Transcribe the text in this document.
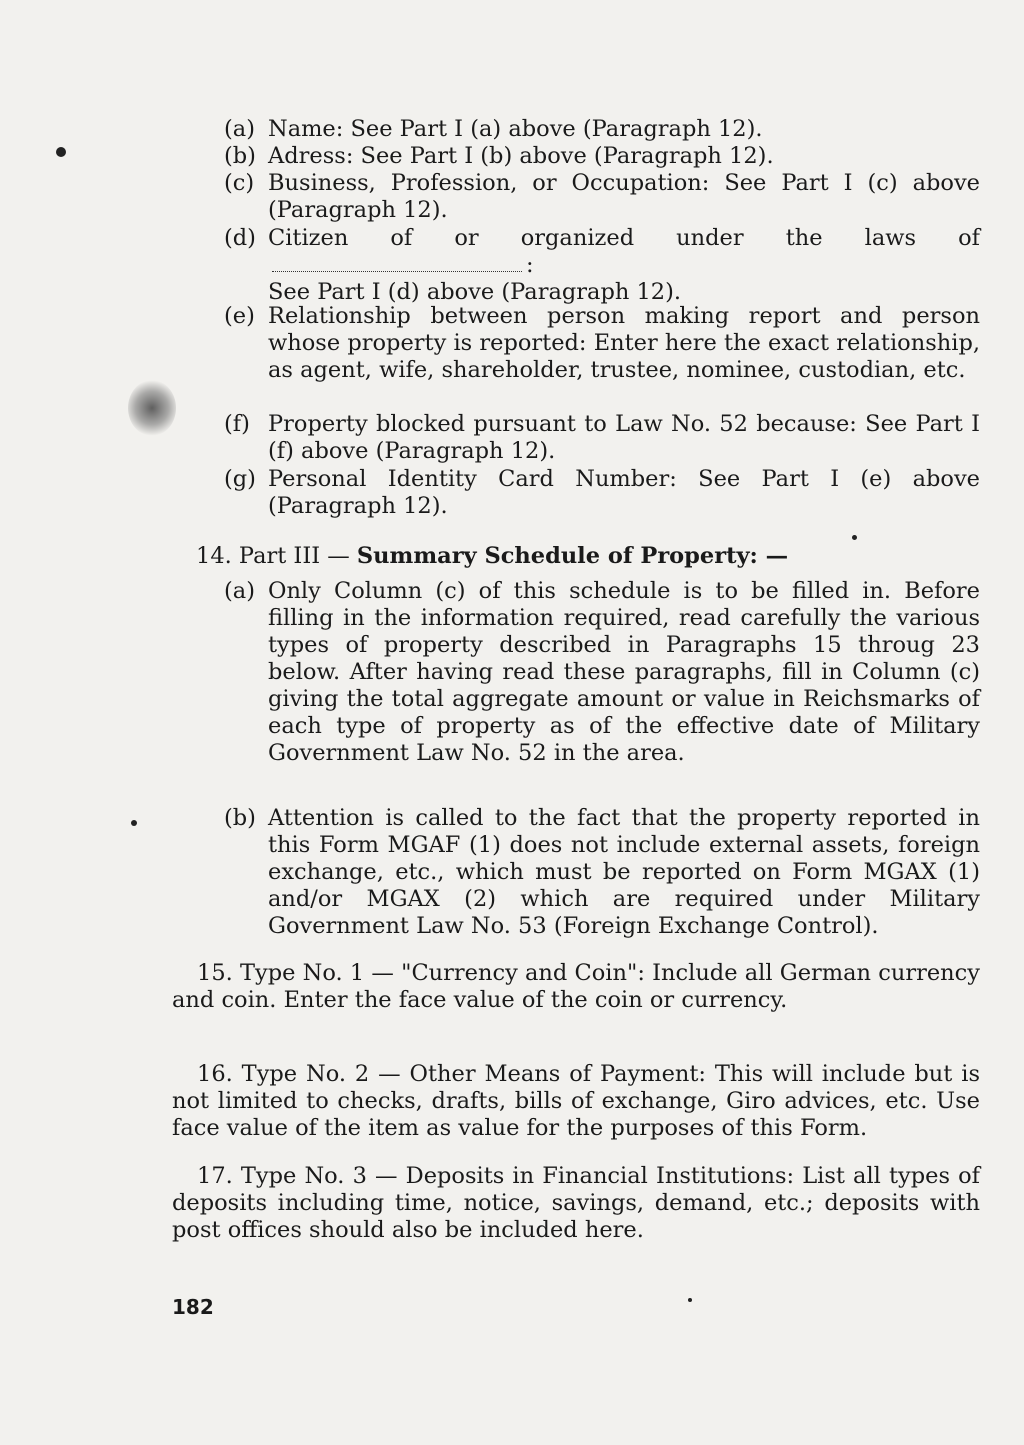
(a) Name: See Part I (a) above (Paragraph 12).
(b) Adress: See Part I (b) above (Paragraph 12).
(c) Business, Profession, or Occupation: See Part I (c) above (Paragraph 12).
(d) Citizen of or organized under the laws of:
See Part I (d) above (Paragraph 12).
(e) Relationship between person making report and person whose property is reported: Enter here the exact relationship, as agent, wife, shareholder, trustee, nominee, custodian, etc.
(f) Property blocked pursuant to Law No. 52 because: See Part I (f) above (Paragraph 12).
(g) Personal Identity Card Number: See Part I (e) above (Paragraph 12).
14. Part III — Summary Schedule of Property: —
(a) Only Column (c) of this schedule is to be filled in. Before filling in the information required, read carefully the various types of property described in Paragraphs 15 throug 23 below. After having read these paragraphs, fill in Column (c) giving the total aggregate amount or value in Reichsmarks of each type of property as of the effective date of Military Government Law No. 52 in the area.
(b) Attention is called to the fact that the property reported in this Form MGAF (1) does not include external assets, foreign exchange, etc., which must be reported on Form MGAX (1) and/or MGAX (2) which are required under Military Government Law No. 53 (Foreign Exchange Control).
15. Type No. 1 — "Currency and Coin": Include all German currency and coin. Enter the face value of the coin or currency.
16. Type No. 2 — Other Means of Payment: This will include but is not limited to checks, drafts, bills of exchange, Giro advices, etc. Use face value of the item as value for the purposes of this Form.
17. Type No. 3 — Deposits in Financial Institutions: List all types of deposits including time, notice, savings, demand, etc.; deposits with post offices should also be included here.
182
